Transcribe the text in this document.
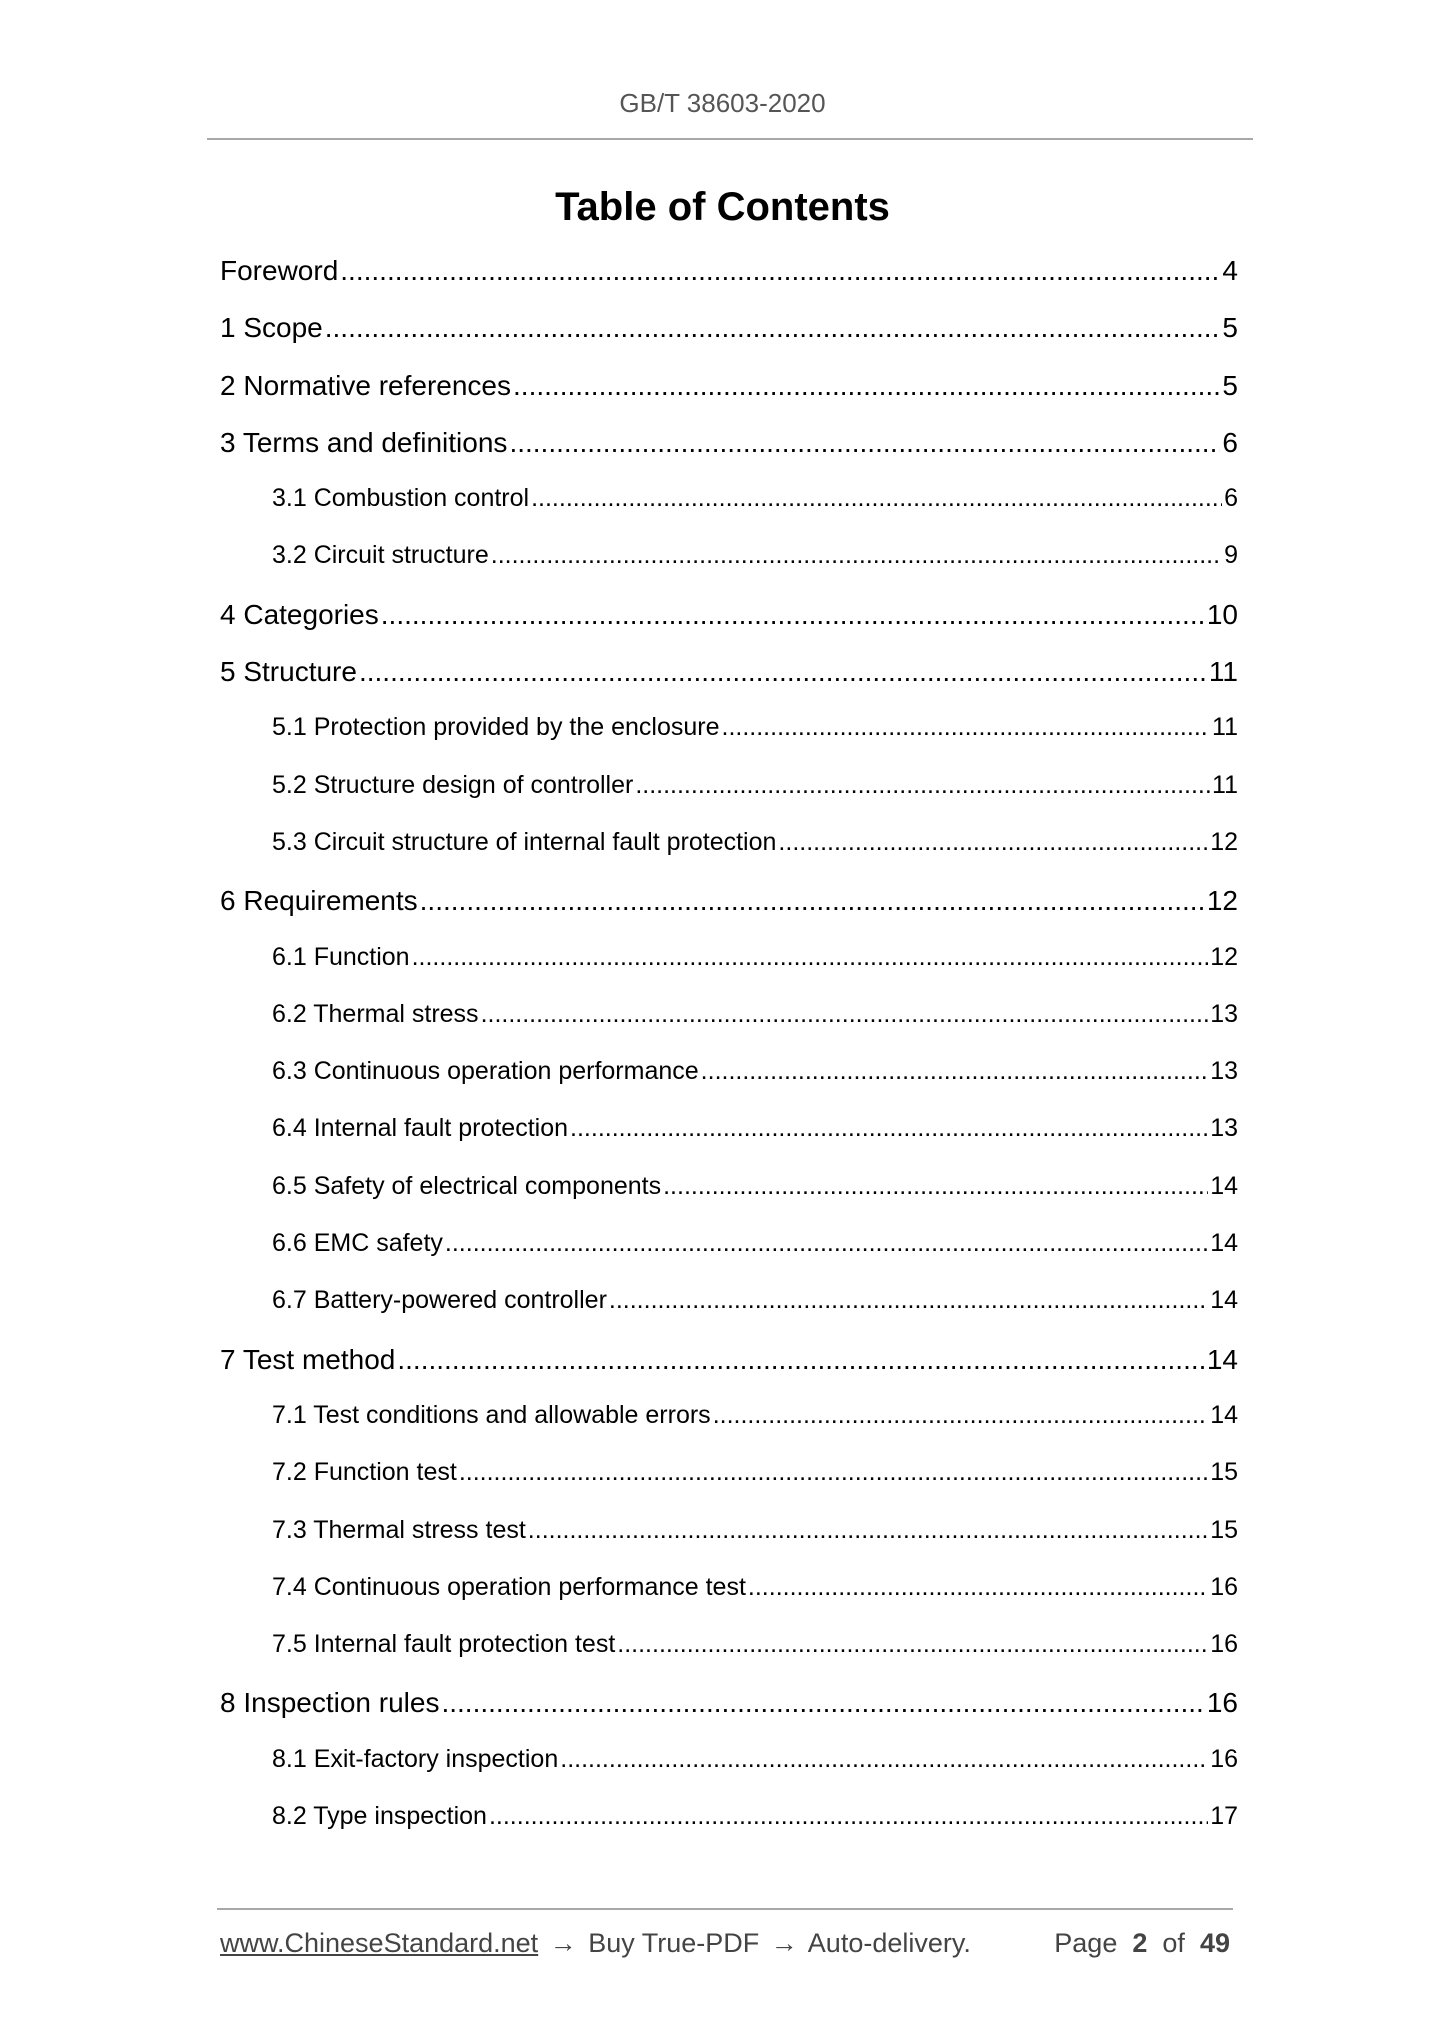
GB/T 38603-2020
Table of Contents
Foreword .....	4
1 Scope .....	5
2 Normative references .....	5
3 Terms and definitions .....	6
3.1 Combustion control .....	6
3.2 Circuit structure .....	9
4 Categories .....	10
5 Structure .....	11
5.1 Protection provided by the enclosure .....	11
5.2 Structure design of controller .....	11
5.3 Circuit structure of internal fault protection .....	12
6 Requirements .....	12
6.1 Function .....	12
6.2 Thermal stress .....	13
6.3 Continuous operation performance .....	13
6.4 Internal fault protection .....	13
6.5 Safety of electrical components .....	14
6.6 EMC safety .....	14
6.7 Battery-powered controller .....	14
7 Test method .....	14
7.1 Test conditions and allowable errors .....	14
7.2 Function test .....	15
7.3 Thermal stress test .....	15
7.4 Continuous operation performance test .....	16
7.5 Internal fault protection test .....	16
8 Inspection rules .....	16
8.1 Exit-factory inspection .....	16
8.2 Type inspection .....	17
www.ChineseStandard.net → Buy True-PDF → Auto-delivery.	Page 2 of 49
